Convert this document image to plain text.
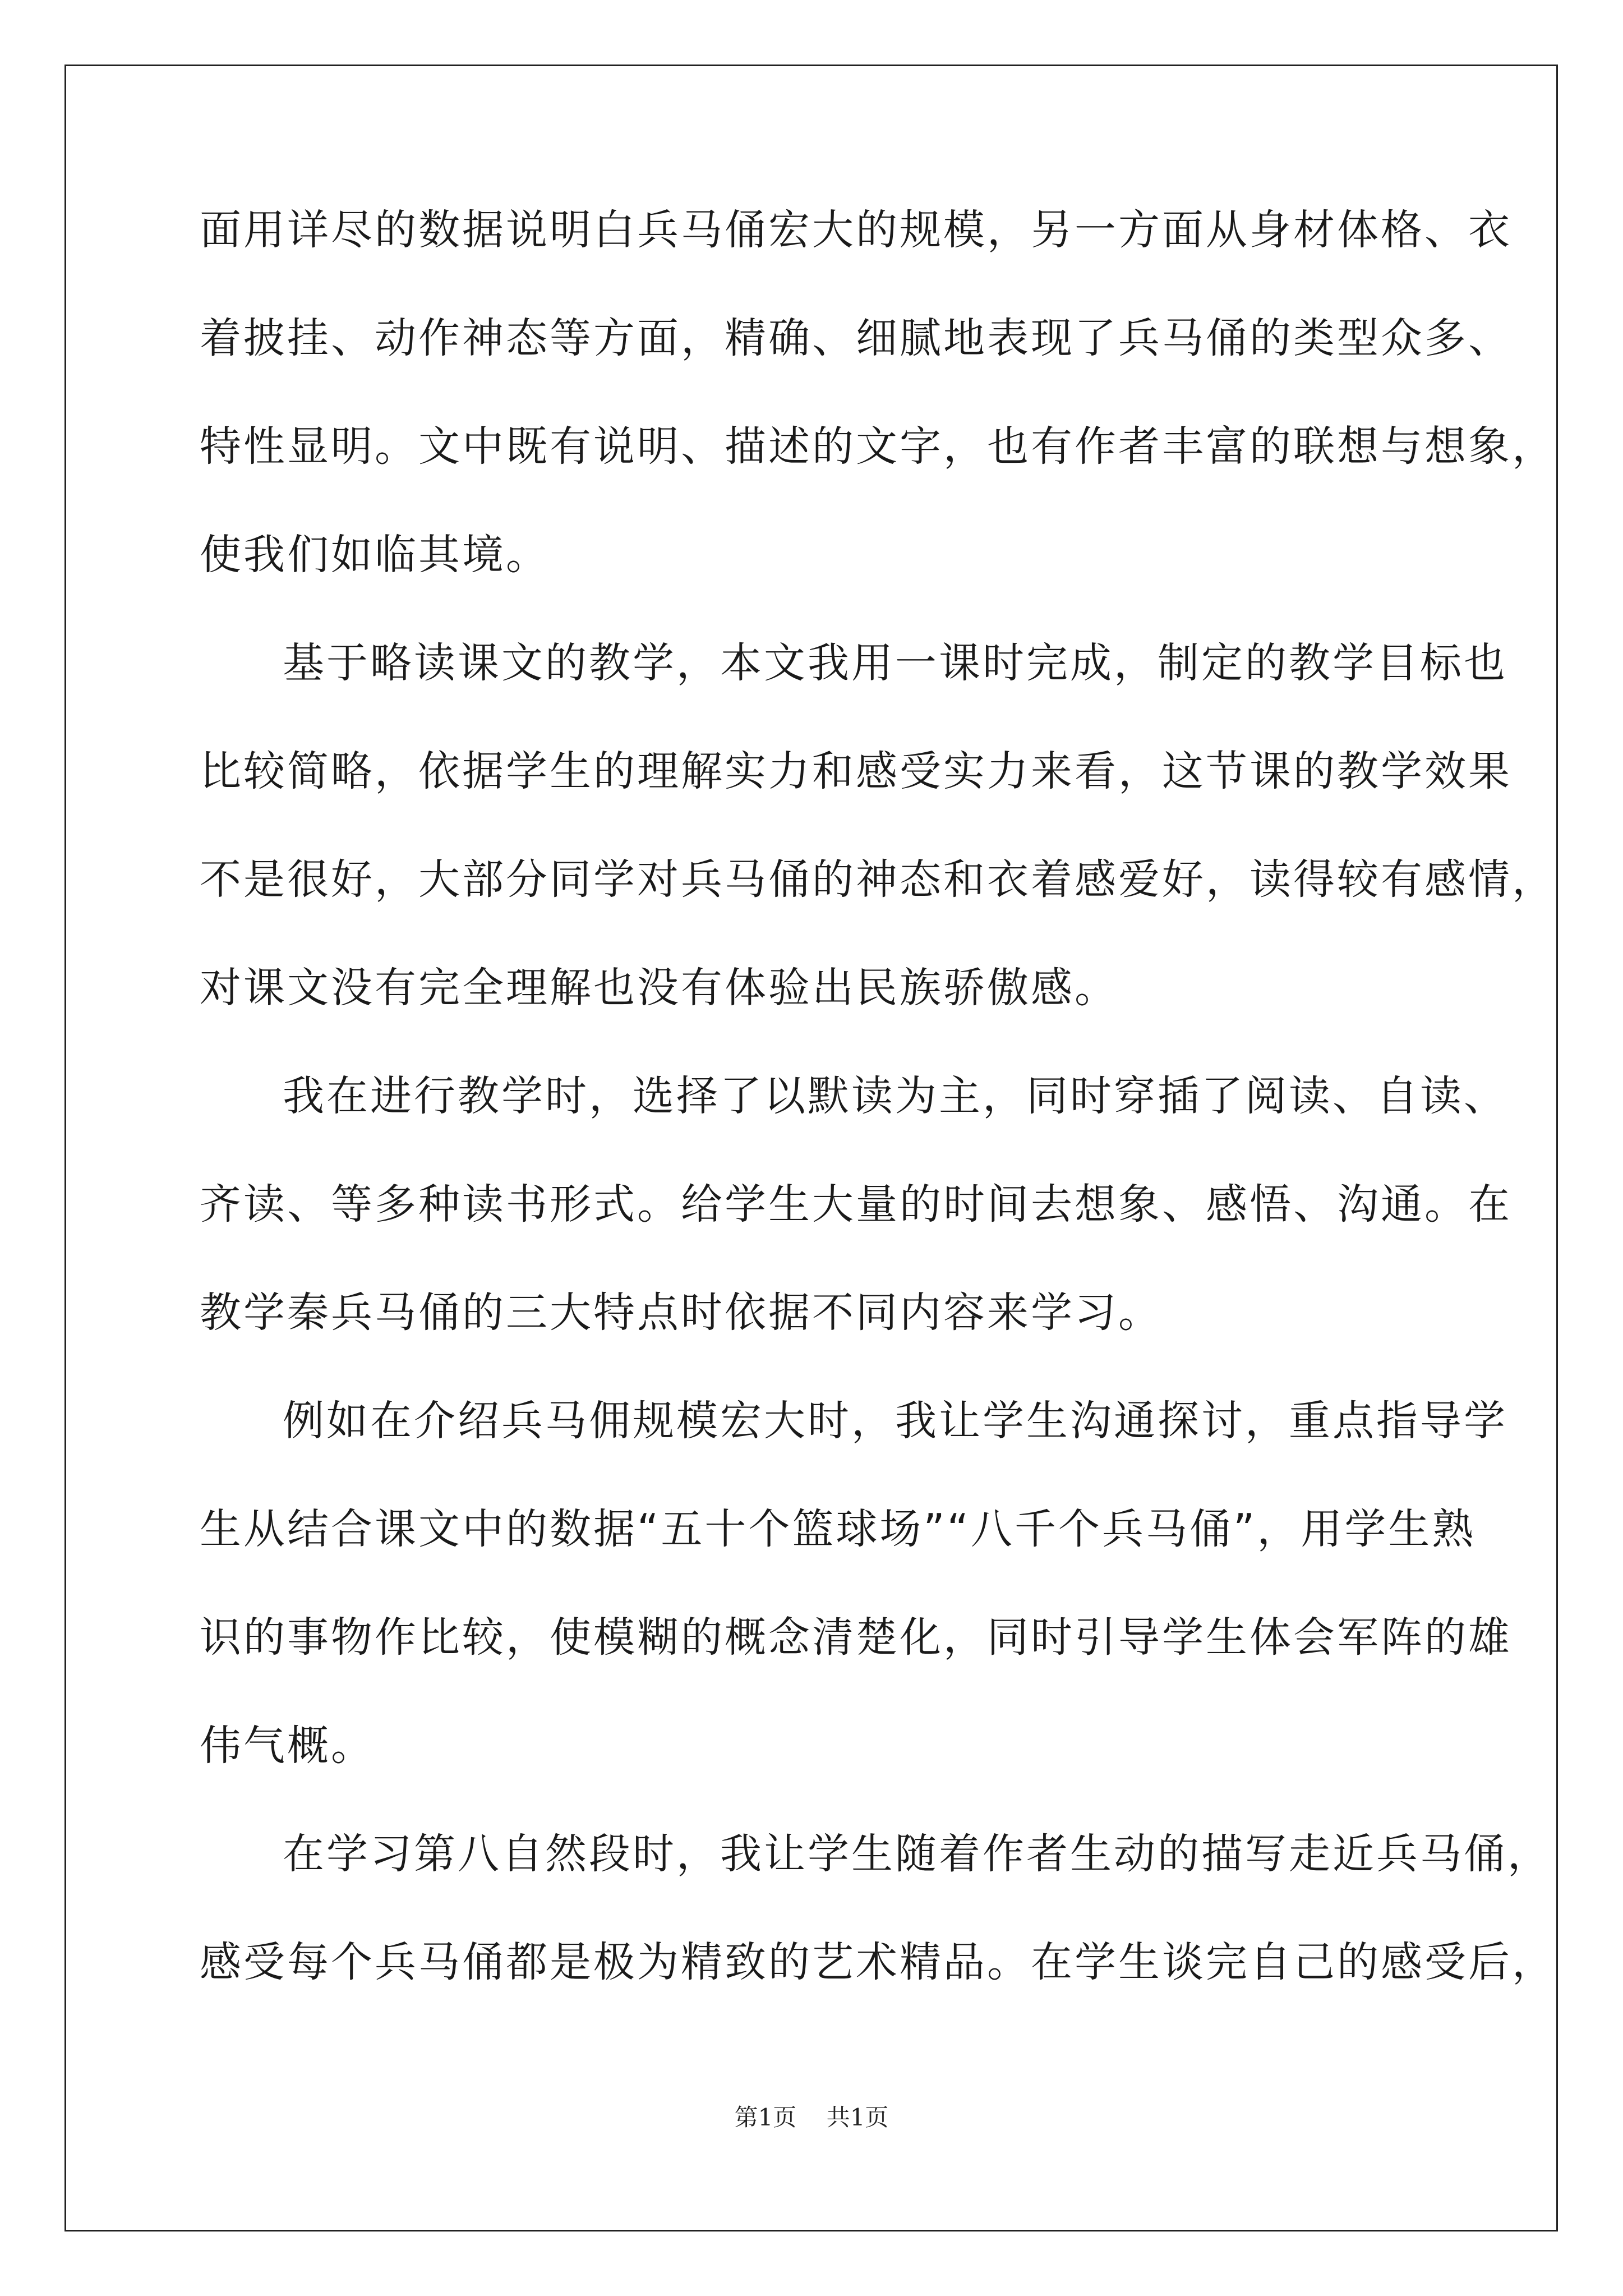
面用详尽的数据说明白兵马俑宏大的规模，另一方面从身材体格、衣
着披挂、动作神态等方面，精确、细腻地表现了兵马俑的类型众多、
特性显明。文中既有说明、描述的文字，也有作者丰富的联想与想象，
使我们如临其境。
基于略读课文的教学，本文我用一课时完成，制定的教学目标也
比较简略，依据学生的理解实力和感受实力来看，这节课的教学效果
不是很好，大部分同学对兵马俑的神态和衣着感爱好，读得较有感情，
对课文没有完全理解也没有体验出民族骄傲感。
我在进行教学时，选择了以默读为主，同时穿插了阅读、自读、
齐读、等多种读书形式。给学生大量的时间去想象、感悟、沟通。在
教学秦兵马俑的三大特点时依据不同内容来学习。
例如在介绍兵马佣规模宏大时，我让学生沟通探讨，重点指导学
生从结合课文中的数据“五十个篮球场”“八千个兵马俑”，用学生熟
识的事物作比较，使模糊的概念清楚化，同时引导学生体会军阵的雄
伟气概。
在学习第八自然段时，我让学生随着作者生动的描写走近兵马俑，
感受每个兵马俑都是极为精致的艺术精品。在学生谈完自己的感受后，
第1页 共1页
